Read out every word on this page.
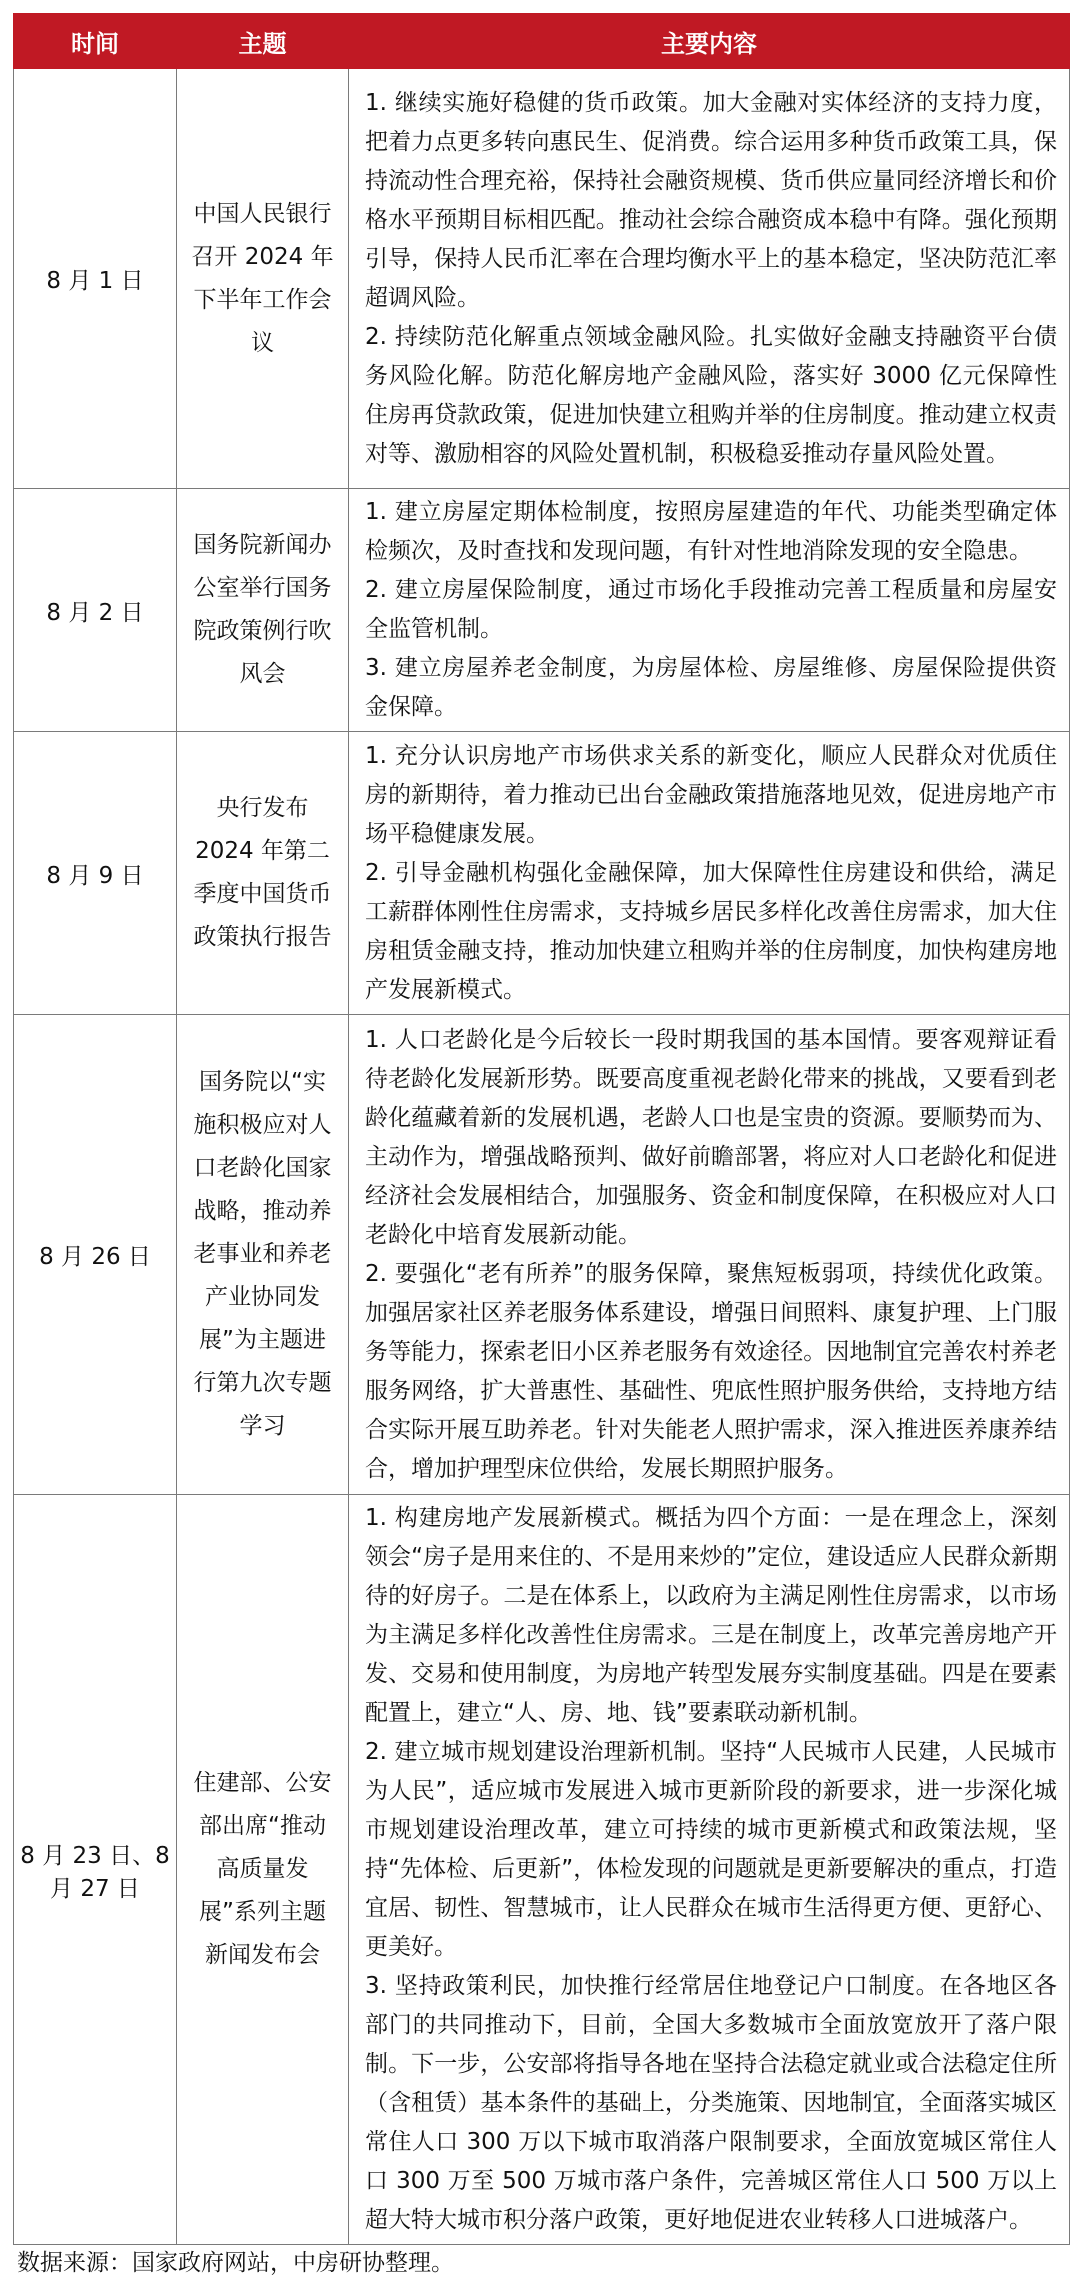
时间	主题	主要内容
8 月 1 日	中国人民银行召开 2024 年下半年工作会议	1. 继续实施好稳健的货币政策。加大金融对实体经济的支持力度，把着力点更多转向惠民生、促消费。综合运用多种货币政策工具，保持流动性合理充裕，保持社会融资规模、货币供应量同经济增长和价格水平预期目标相匹配。推动社会综合融资成本稳中有降。强化预期引导，保持人民币汇率在合理均衡水平上的基本稳定，坚决防范汇率超调风险。

2. 持续防范化解重点领域金融风险。扎实做好金融支持融资平台债务风险化解。防范化解房地产金融风险，落实好 3000 亿元保障性住房再贷款政策，促进加快建立租购并举的住房制度。推动建立权责对等、激励相容的风险处置机制，积极稳妥推动存量风险处置。

8 月 2 日	国务院新闻办公室举行国务院政策例行吹风会	1. 建立房屋定期体检制度，按照房屋建造的年代、功能类型确定体检频次，及时查找和发现问题，有针对性地消除发现的安全隐患。

2. 建立房屋保险制度，通过市场化手段推动完善工程质量和房屋安全监管机制。

3. 建立房屋养老金制度，为房屋体检、房屋维修、房屋保险提供资金保障。

8 月 9 日	央行发布 2024 年第二季度中国货币政策执行报告	1. 充分认识房地产市场供求关系的新变化，顺应人民群众对优质住房的新期待，着力推动已出台金融政策措施落地见效，促进房地产市场平稳健康发展。

2. 引导金融机构强化金融保障，加大保障性住房建设和供给，满足工薪群体刚性住房需求，支持城乡居民多样化改善住房需求，加大住房租赁金融支持，推动加快建立租购并举的住房制度，加快构建房地产发展新模式。

8 月 26 日	国务院以“实施积极应对人口老龄化国家战略，推动养老事业和养老产业协同发展”为主题进行第九次专题学习	1. 人口老龄化是今后较长一段时期我国的基本国情。要客观辩证看待老龄化发展新形势。既要高度重视老龄化带来的挑战，又要看到老龄化蕴藏着新的发展机遇，老龄人口也是宝贵的资源。要顺势而为、主动作为，增强战略预判、做好前瞻部署，将应对人口老龄化和促进经济社会发展相结合，加强服务、资金和制度保障，在积极应对人口老龄化中培育发展新动能。

2. 要强化“老有所养”的服务保障，聚焦短板弱项，持续优化政策。加强居家社区养老服务体系建设，增强日间照料、康复护理、上门服务等能力，探索老旧小区养老服务有效途径。因地制宜完善农村养老服务网络，扩大普惠性、基础性、兜底性照护服务供给，支持地方结合实际开展互助养老。针对失能老人照护需求，深入推进医养康养结合，增加护理型床位供给，发展长期照护服务。

8 月 23 日、8 月 27 日	住建部、公安部出席“推动高质量发展”系列主题新闻发布会	1. 构建房地产发展新模式。概括为四个方面：一是在理念上，深刻领会“房子是用来住的、不是用来炒的”定位，建设适应人民群众新期待的好房子。二是在体系上，以政府为主满足刚性住房需求，以市场为主满足多样化改善性住房需求。三是在制度上，改革完善房地产开发、交易和使用制度，为房地产转型发展夯实制度基础。四是在要素配置上，建立“人、房、地、钱”要素联动新机制。

2. 建立城市规划建设治理新机制。坚持“人民城市人民建，人民城市为人民”，适应城市发展进入城市更新阶段的新要求，进一步深化城市规划建设治理改革，建立可持续的城市更新模式和政策法规，坚持“先体检、后更新”，体检发现的问题就是更新要解决的重点，打造宜居、韧性、智慧城市，让人民群众在城市生活得更方便、更舒心、更美好。

3. 坚持政策利民，加快推行经常居住地登记户口制度。在各地区各部门的共同推动下，目前，全国大多数城市全面放宽放开了落户限制。下一步，公安部将指导各地在坚持合法稳定就业或合法稳定住所（含租赁）基本条件的基础上，分类施策、因地制宜，全面落实城区常住人口 300 万以下城市取消落户限制要求，全面放宽城区常住人口 300 万至 500 万城市落户条件，完善城区常住人口 500 万以上超大特大城市积分落户政策，更好地促进农业转移人口进城落户。

数据来源：国家政府网站，中房研协整理。
